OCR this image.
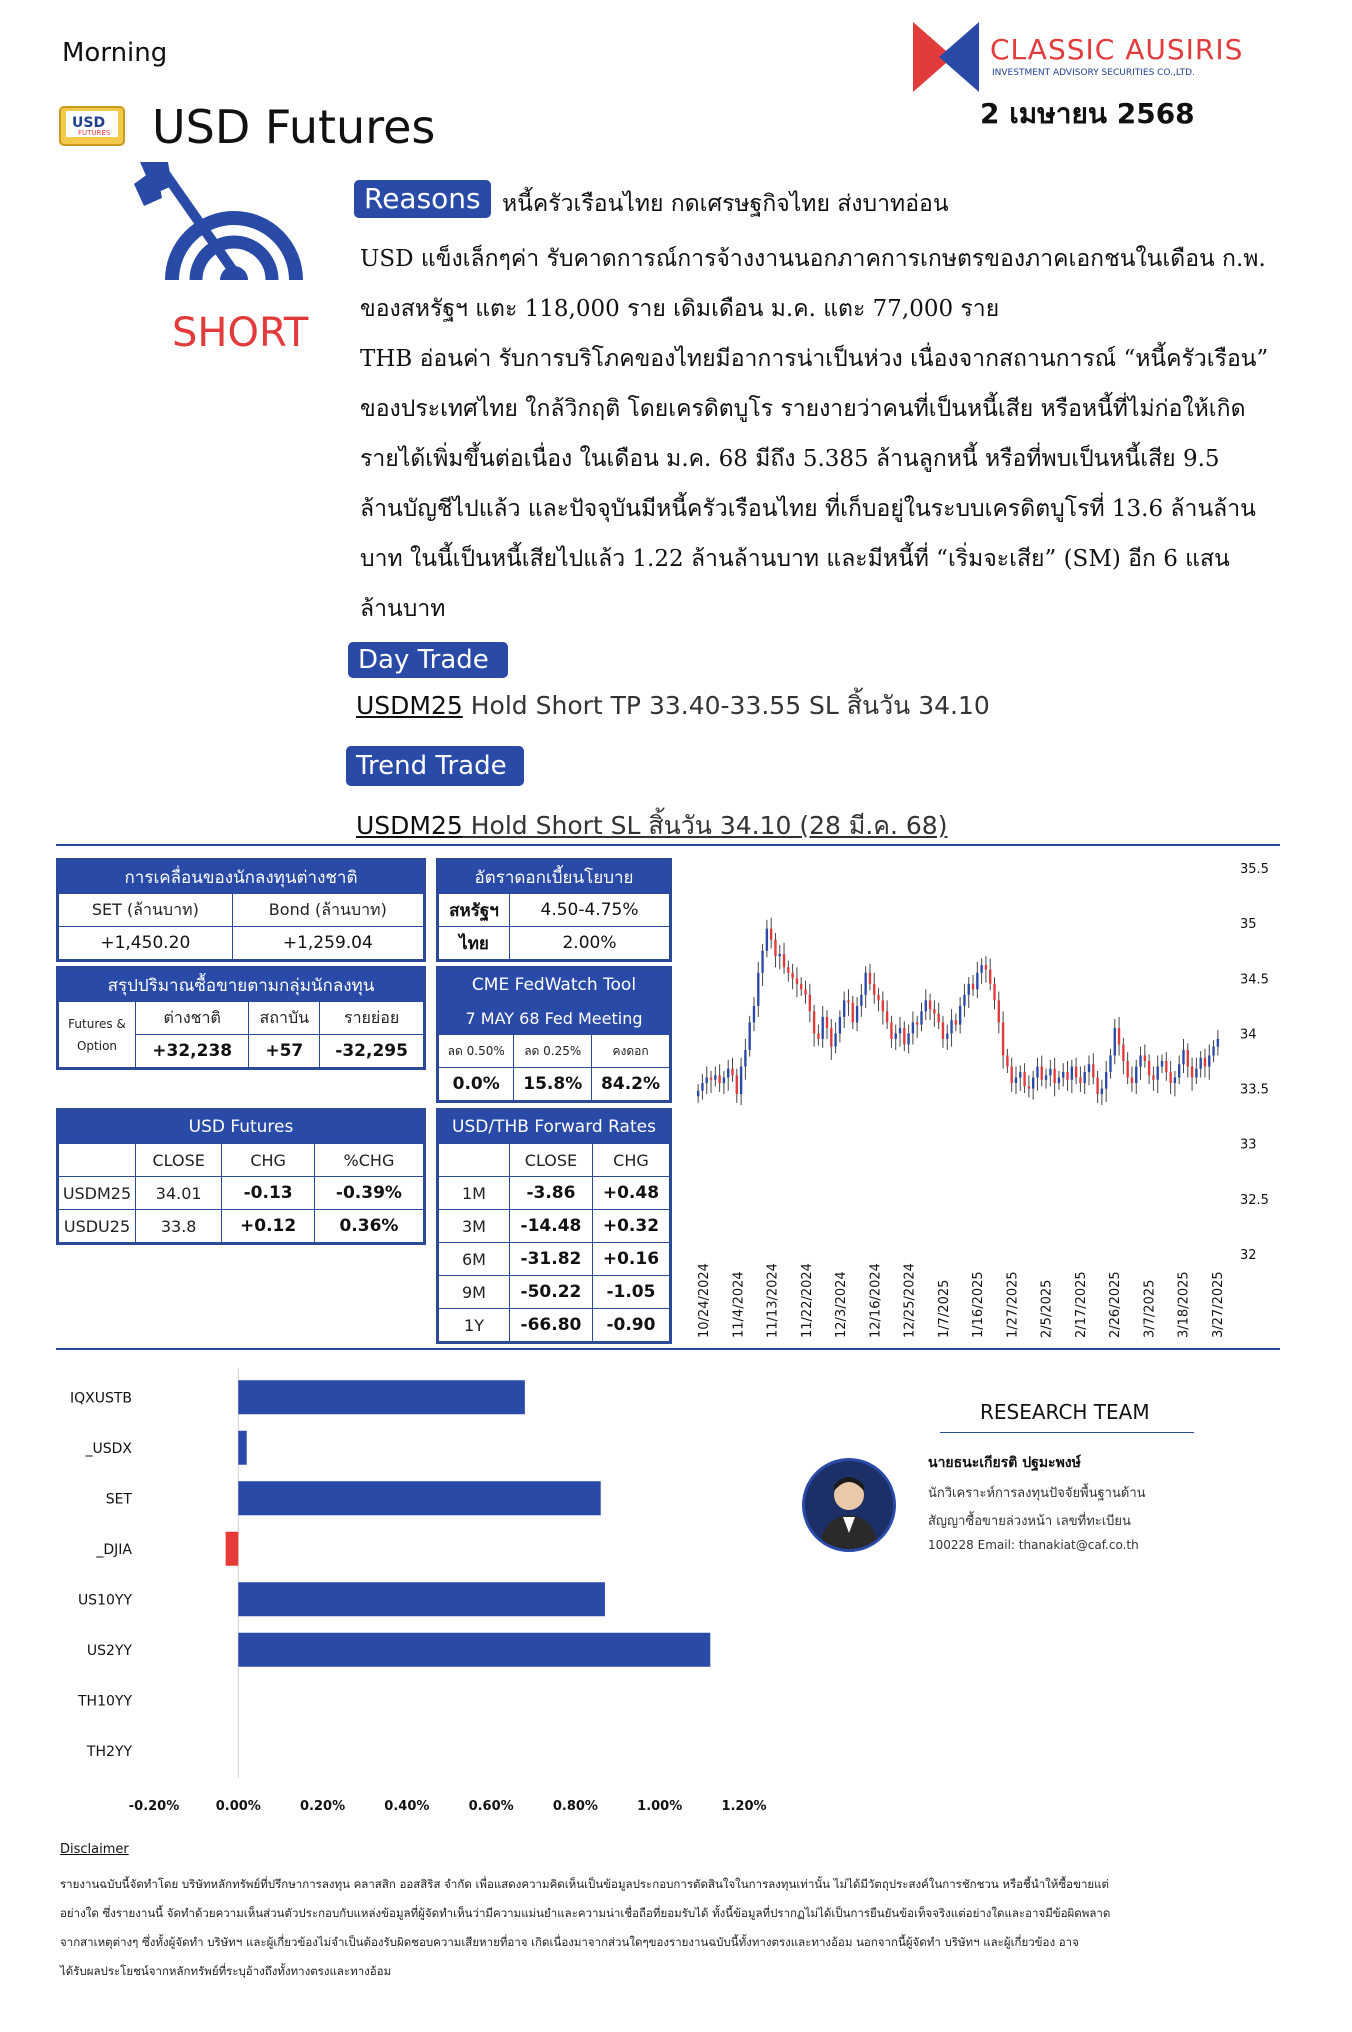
Morning
USD
FUTURES USD Futures
CLASSIC AUSIRIS
INVESTMENT ADVISORY SECURITIES CO.,LTD.
2 เมษายน 2568
SHORT
Reasons หนี้ครัวเรือนไทย กดเศรษฐกิจไทย ส่งบาทอ่อน
USD แข็งเล็กๆค่า รับคาดการณ์การจ้างงานนอกภาคการเกษตรของภาคเอกชนในเดือน ก.พ.
ของสหรัฐฯ แตะ 118,000 ราย เดิมเดือน ม.ค. แตะ 77,000 ราย
THB อ่อนค่า รับการบริโภคของไทยมีอาการน่าเป็นห่วง เนื่องจากสถานการณ์ “หนี้ครัวเรือน”
ของประเทศไทย ใกล้วิกฤติ โดยเครดิตบูโร รายงายว่าคนที่เป็นหนี้เสีย หรือหนี้ที่ไม่ก่อให้เกิด
รายได้เพิ่มขึ้นต่อเนื่อง ในเดือน ม.ค. 68 มีถึง 5.385 ล้านลูกหนี้ หรือที่พบเป็นหนี้เสีย 9.5
ล้านบัญชีไปแล้ว และปัจจุบันมีหนี้ครัวเรือนไทย ที่เก็บอยู่ในระบบเครดิตบูโรที่ 13.6 ล้านล้าน
บาท ในนี้เป็นหนี้เสียไปแล้ว 1.22 ล้านล้านบาท และมีหนี้ที่ “เริ่มจะเสีย” (SM) อีก 6 แสน
ล้านบาท
Day Trade
USDM25 Hold Short TP 33.40-33.55 SL สิ้นวัน 34.10
Trend Trade
USDM25 Hold Short SL สิ้นวัน 34.10 (28 มี.ค. 68)
การเคลื่อนของนักลงทุนต่างชาติ	
SET (ล้านบาท)	Bond (ล้านบาท)
+1,450.20	+1,259.04
อัตราดอกเบี้ยนโยบาย	
สหรัฐฯ	4.50-4.75%
ไทย	2.00%
สรุปปริมาณซื้อขายตามกลุ่มนักลงทุน			

Futures &
Option	ต่างชาติ	สถาบัน	รายย่อย
	+32,238	+57	-32,295
CME FedWatch Tool		
7 MAY 68 Fed Meeting		
ลด 0.50%	ลด 0.25%	คงดอก
0.0%	15.8%	84.2%
USD Futures			
	CLOSE	CHG	%CHG
USDM25	34.01	-0.13	-0.39%
USDU25	33.8	+0.12	0.36%
USD/THB Forward Rates		
	CLOSE	CHG
1M	-3.86	+0.48
3M	-14.48	+0.32
6M	-31.82	+0.16
9M	-50.22	-1.05
1Y	-66.80	-0.90
35.5
35
34.5
34
33.5
33
32.5
32
10/24/2024 11/4/2024 11/13/2024 11/22/2024 12/3/2024 12/16/2024 12/25/2024 1/7/2025 1/16/2025 1/27/2025 2/5/2025 2/17/2025 2/26/2025 3/7/2025 3/18/2025 3/27/2025
IQXUSTB
_USDX
SET
_DJIA
US10YY
US2YY
TH10YY
TH2YY
-0.20%	0.00%	0.20%	0.40%	0.60%	0.80%	1.00%	1.20%
RESEARCH TEAM
นายธนะเกียรติ ปฐมะพงษ์
นักวิเคราะห์การลงทุนปัจจัยพื้นฐานด้าน
สัญญาซื้อขายล่วงหน้า เลขที่ทะเบียน
100228 Email: thanakiat@caf.co.th
Disclaimer
รายงานฉบับนี้จัดทำโดย บริษัทหลักทรัพย์ที่ปรึกษาการลงทุน คลาสสิก ออสสิริส จำกัด เพื่อแสดงความคิดเห็นเป็นข้อมูลประกอบการตัดสินใจในการลงทุนเท่านั้น ไม่ได้มีวัตถุประสงค์ในการชักชวน หรือชี้นำให้ซื้อขายแต่
อย่างใด ซึ่งรายงานนี้ จัดทำด้วยความเห็นส่วนตัวประกอบกับแหล่งข้อมูลที่ผู้จัดทำเห็นว่ามีความแม่นยำและความน่าเชื่อถือที่ยอมรับได้ ทั้งนี้ข้อมูลที่ปรากฏไม่ได้เป็นการยืนยันข้อเท็จจริงแต่อย่างใดและอาจมีข้อผิดพลาด
จากสาเหตุต่างๆ ซึ่งทั้งผู้จัดทำ บริษัทฯ และผู้เกี่ยวข้องไม่จำเป็นต้องรับผิดชอบความเสียหายที่อาจ เกิดเนื่องมาจากส่วนใดๆของรายงานฉบับนี้ทั้งทางตรงและทางอ้อม นอกจากนี้ผู้จัดทำ บริษัทฯ และผู้เกี่ยวข้อง อาจ
ได้รับผลประโยชน์จากหลักทรัพย์ที่ระบุอ้างถึงทั้งทางตรงและทางอ้อม
